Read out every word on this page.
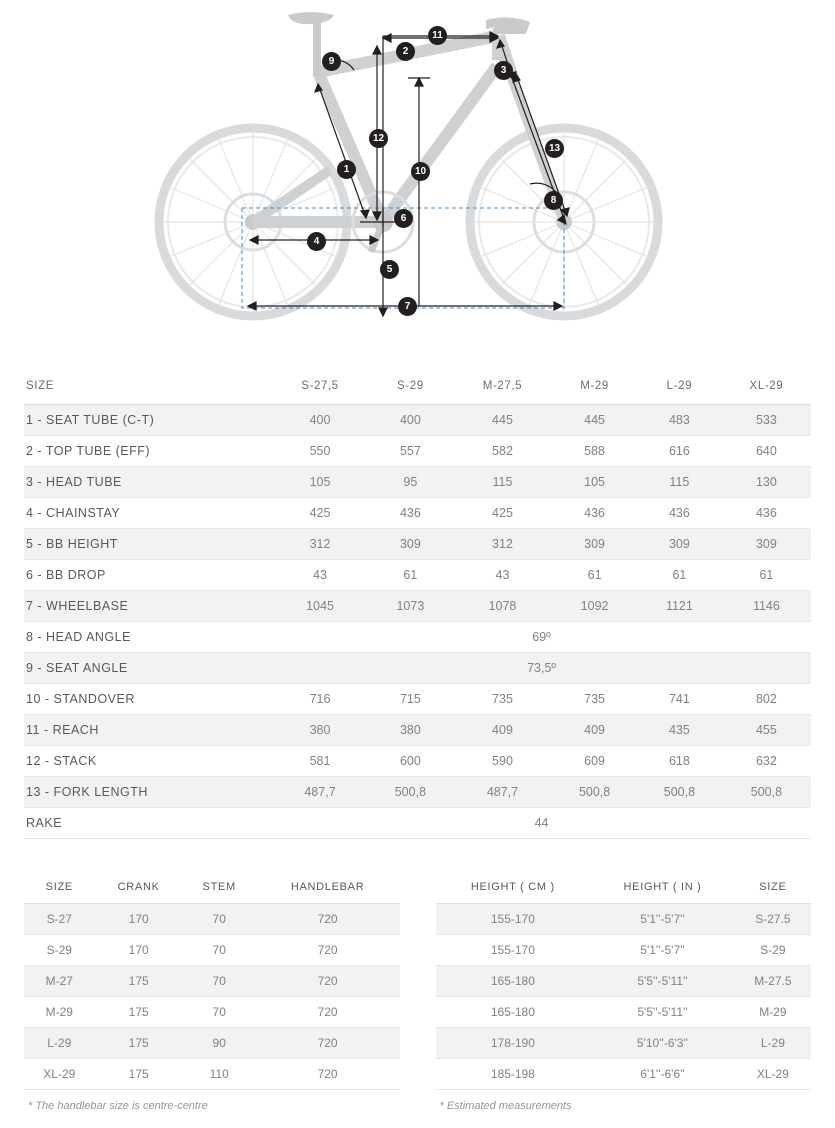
1
2
3
4
5
6
7
8
9
10
11
12
13
SIZE	S-27,5	S-29	M-27,5	M-29	L-29	XL-29
1 - SEAT TUBE (C-T)	400	400	445	445	483	533
2 - TOP TUBE (EFF)	550	557	582	588	616	640
3 - HEAD TUBE	105	95	115	105	115	130
4 - CHAINSTAY	425	436	425	436	436	436
5 - BB HEIGHT	312	309	312	309	309	309
6 - BB DROP	43	61	43	61	61	61
7 - WHEELBASE	1045	1073	1078	1092	1121	1146
8 - HEAD ANGLE	69º					
9 - SEAT ANGLE	73,5º					
10 - STANDOVER	716	715	735	735	741	802
11 - REACH	380	380	409	409	435	455
12 - STACK	581	600	590	609	618	632
13 - FORK LENGTH	487,7	500,8	487,7	500,8	500,8	500,8
RAKE	44					
SIZE	CRANK	STEM	HANDLEBAR
S-27	170	70	720
S-29	170	70	720
M-27	175	70	720
M-29	175	70	720
L-29	175	90	720
XL-29	175	110	720
* The handlebar size is centre-centre
HEIGHT ( CM )	HEIGHT ( IN )	SIZE
155-170	5'1''-5'7''	S-27.5
155-170	5'1''-5'7''	S-29
165-180	5'5''-5'11''	M-27.5
165-180	5'5''-5'11''	M-29
178-190	5'10''-6'3''	L-29
185-198	6'1''-6'6''	XL-29
* Estimated measurements
